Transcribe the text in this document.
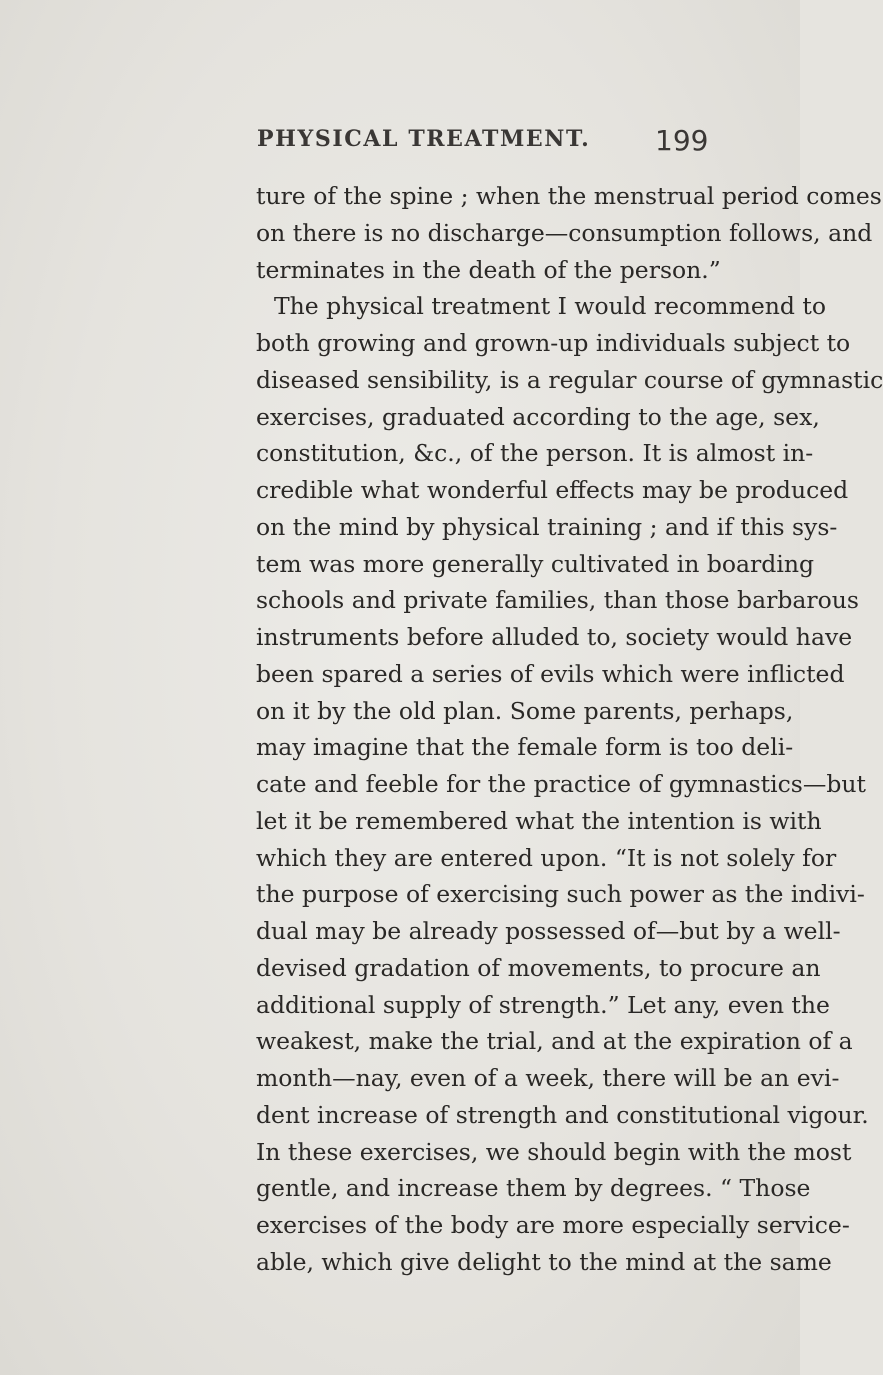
PHYSICAL TREATMENT. 199
ture of the spine ; when the menstrual period comes
on there is no discharge—consumption follows, and
terminates in the death of the person.”
The physical treatment I would recommend to
both growing and grown-up individuals subject to
diseased sensibility, is a regular course of gymnastic
exercises, graduated according to the age, sex,
constitution, &c., of the person. It is almost in-
credible what wonderful effects may be produced
on the mind by physical training ; and if this sys-
tem was more generally cultivated in boarding
schools and private families, than those barbarous
instruments before alluded to, society would have
been spared a series of evils which were inflicted
on it by the old plan. Some parents, perhaps,
may imagine that the female form is too deli-
cate and feeble for the practice of gymnastics—but
let it be remembered what the intention is with
which they are entered upon. “It is not solely for
the purpose of exercising such power as the indivi-
dual may be already possessed of—but by a well-
devised gradation of movements, to procure an
additional supply of strength.” Let any, even the
weakest, make the trial, and at the expiration of a
month—nay, even of a week, there will be an evi-
dent increase of strength and constitutional vigour.
In these exercises, we should begin with the most
gentle, and increase them by degrees. “ Those
exercises of the body are more especially service-
able, which give delight to the mind at the same
